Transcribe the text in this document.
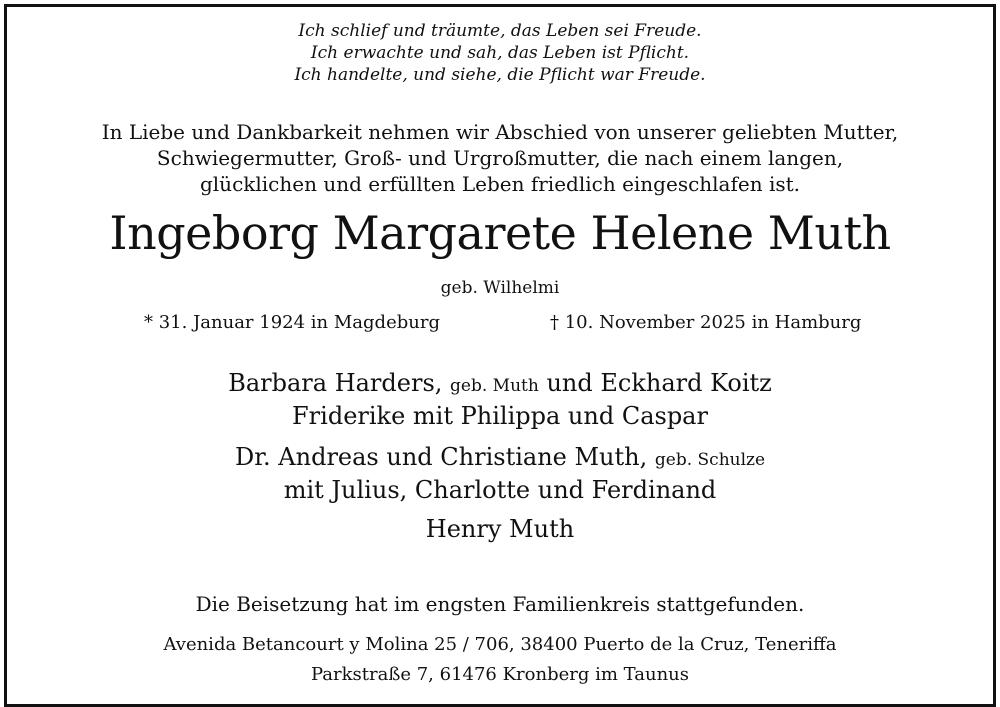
Ich schlief und träumte, das Leben sei Freude.
Ich erwachte und sah, das Leben ist Pflicht.
Ich handelte, und siehe, die Pflicht war Freude.
In Liebe und Dankbarkeit nehmen wir Abschied von unserer geliebten Mutter,
Schwiegermutter, Groß- und Urgroßmutter, die nach einem langen,
glücklichen und erfüllten Leben friedlich eingeschlafen ist.
Ingeborg Margarete Helene Muth
geb. Wilhelmi
* 31. Januar 1924 in Magdeburg	† 10. November 2025 in Hamburg
Barbara Harders, geb. Muth und Eckhard Koitz
Friderike mit Philippa und Caspar
Dr. Andreas und Christiane Muth, geb. Schulze
mit Julius, Charlotte und Ferdinand
Henry Muth
Die Beisetzung hat im engsten Familienkreis stattgefunden.
Avenida Betancourt y Molina 25 / 706, 38400 Puerto de la Cruz, Teneriffa
Parkstraße 7, 61476 Kronberg im Taunus
